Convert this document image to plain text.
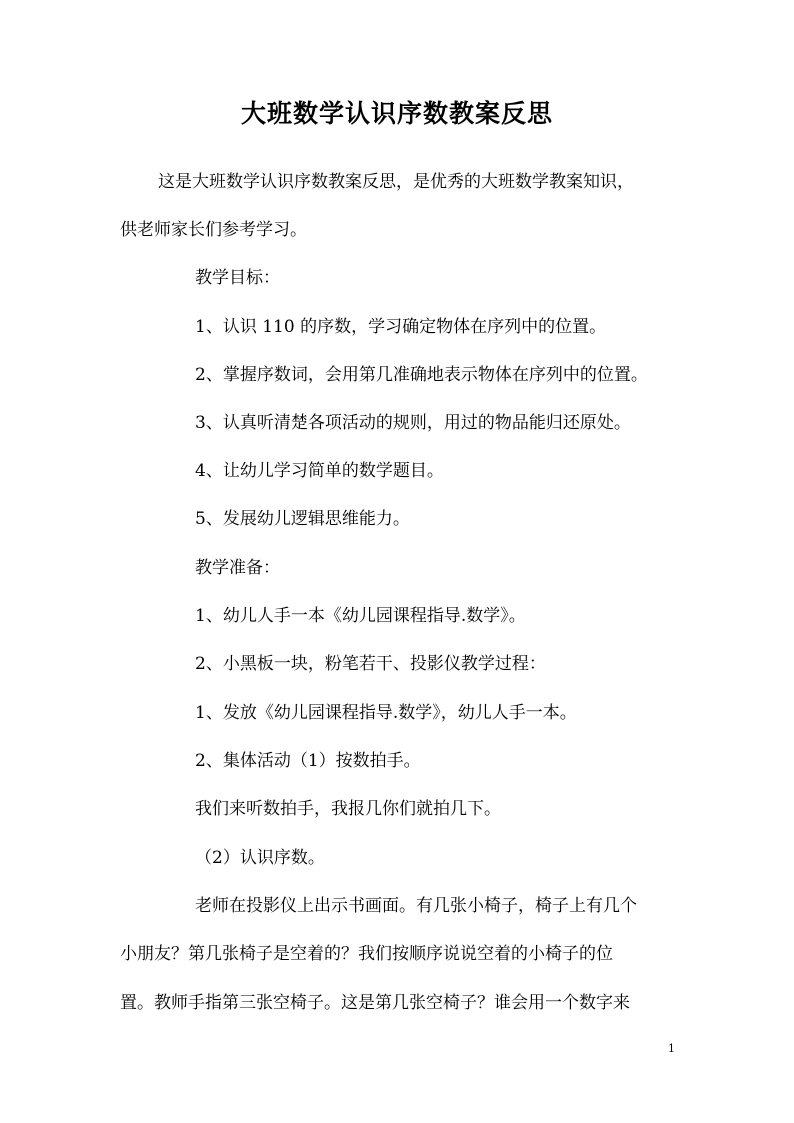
大班数学认识序数教案反思
这是大班数学认识序数教案反思，是优秀的大班数学教案知识，
供老师家长们参考学习。
教学目标：
1、认识 110 的序数，学习确定物体在序列中的位置。
2、掌握序数词，会用第几准确地表示物体在序列中的位置。
3、认真听清楚各项活动的规则，用过的物品能归还原处。
4、让幼儿学习简单的数学题目。
5、发展幼儿逻辑思维能力。
教学准备：
1、幼儿人手一本《幼儿园课程指导.数学》。
2、小黑板一块，粉笔若干、投影仪教学过程：
1、发放《幼儿园课程指导.数学》，幼儿人手一本。
2、集体活动（1）按数拍手。
我们来听数拍手，我报几你们就拍几下。
（2）认识序数。
老师在投影仪上出示书画面。有几张小椅子，椅子上有几个
小朋友？第几张椅子是空着的？我们按顺序说说空着的小椅子的位
置。教师手指第三张空椅子。这是第几张空椅子？谁会用一个数字来
1
